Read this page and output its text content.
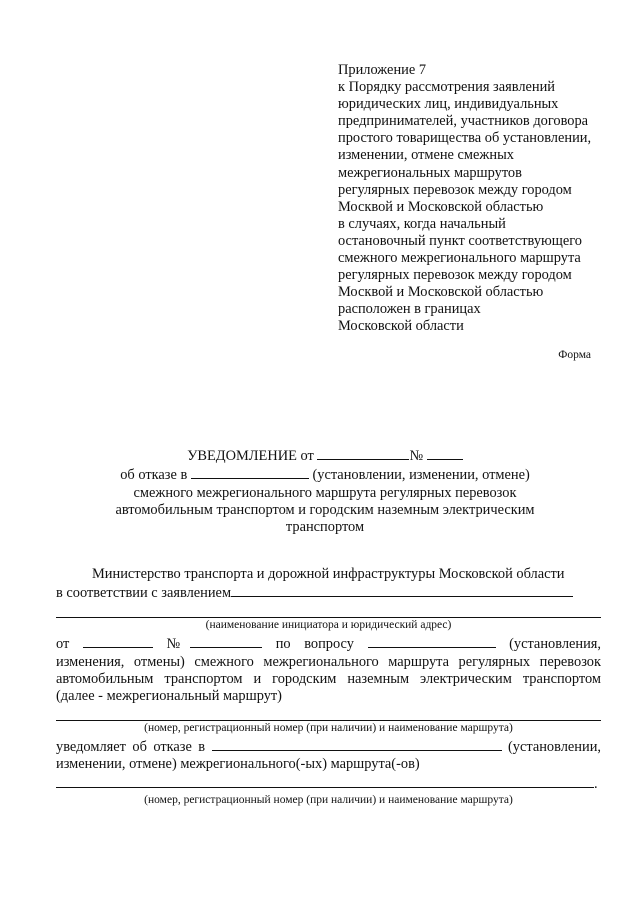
Приложение 7
к Порядку рассмотрения заявлений
юридических лиц, индивидуальных
предпринимателей, участников договора
простого товарищества об установлении,
изменении, отмене смежных
межрегиональных маршрутов
регулярных перевозок между городом
Москвой и Московской областью
в случаях, когда начальный
остановочный пункт соответствующего
смежного межрегионального маршрута
регулярных перевозок между городом
Москвой и Московской областью
расположен в границах
Московской области
Форма
УВЕДОМЛЕНИЕ от	№
об отказе в	(установлении, изменении, отмене)
смежного межрегионального маршрута регулярных перевозок
автомобильным транспортом и городским наземным электрическим
транспортом
Министерство транспорта и дорожной инфраструктуры Московской области
в соответствии с заявлением
(наименование инициатора и юридический адрес)
от	№	по вопросу	(установления,
изменения, отмены) смежного межрегионального маршрута регулярных перевозок
автомобильным транспортом и городским наземным электрическим транспортом
(далее - межрегиональный маршрут)
(номер, регистрационный номер (при наличии) и наименование маршрута)
уведомляет об отказе в	(установлении,
изменении, отмене) межрегионального(-ых) маршрута(-ов)
.
(номер, регистрационный номер (при наличии) и наименование маршрута)
